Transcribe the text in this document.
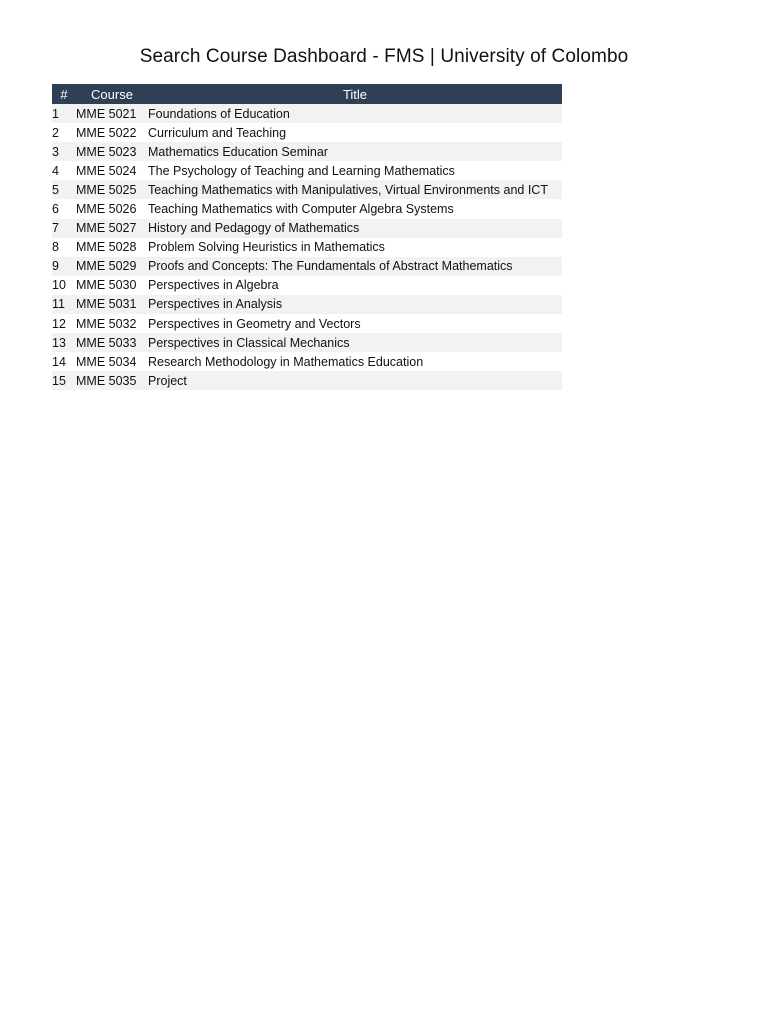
Search Course Dashboard - FMS | University of Colombo
#	Course	Title
1	MME 5021	Foundations of Education
2	MME 5022	Curriculum and Teaching
3	MME 5023	Mathematics Education Seminar
4	MME 5024	The Psychology of Teaching and Learning Mathematics
5	MME 5025	Teaching Mathematics with Manipulatives, Virtual Environments and ICT
6	MME 5026	Teaching Mathematics with Computer Algebra Systems
7	MME 5027	History and Pedagogy of Mathematics
8	MME 5028	Problem Solving Heuristics in Mathematics
9	MME 5029	Proofs and Concepts: The Fundamentals of Abstract Mathematics
10	MME 5030	Perspectives in Algebra
11	MME 5031	Perspectives in Analysis
12	MME 5032	Perspectives in Geometry and Vectors
13	MME 5033	Perspectives in Classical Mechanics
14	MME 5034	Research Methodology in Mathematics Education
15	MME 5035	Project
